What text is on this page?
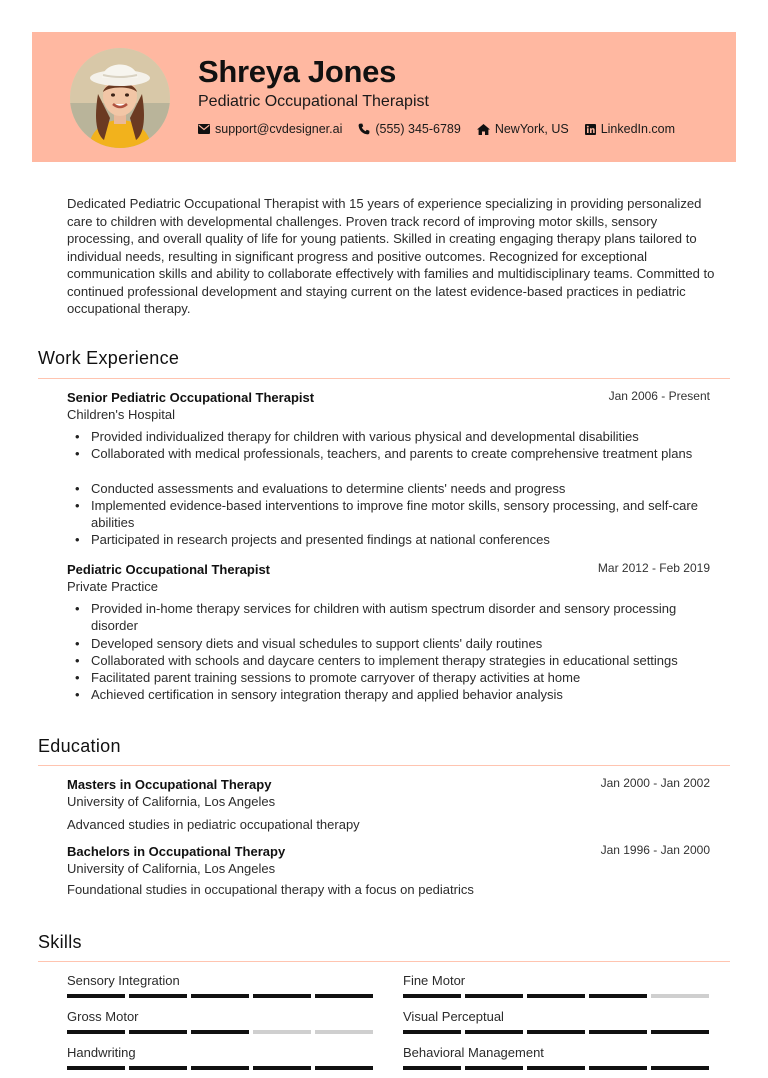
Shreya Jones
Pediatric Occupational Therapist
support@cvdesigner.ai	(555) 345-6789	NewYork, US	LinkedIn.com
Dedicated Pediatric Occupational Therapist with 15 years of experience specializing in providing personalized care to children with developmental challenges. Proven track record of improving motor skills, sensory processing, and overall quality of life for young patients. Skilled in creating engaging therapy plans tailored to individual needs, resulting in significant progress and positive outcomes. Recognized for exceptional communication skills and ability to collaborate effectively with families and multidisciplinary teams. Committed to continued professional development and staying current on the latest evidence-based practices in pediatric occupational therapy.
Work Experience
Senior Pediatric Occupational Therapist	Jan 2006 - Present
Children's Hospital
• Provided individualized therapy for children with various physical and developmental disabilities
• Collaborated with medical professionals, teachers, and parents to create comprehensive treatment plans
• Conducted assessments and evaluations to determine clients' needs and progress
• Implemented evidence-based interventions to improve fine motor skills, sensory processing, and self-care abilities
• Participated in research projects and presented findings at national conferences
Pediatric Occupational Therapist	Mar 2012 - Feb 2019
Private Practice
• Provided in-home therapy services for children with autism spectrum disorder and sensory processing disorder
• Developed sensory diets and visual schedules to support clients' daily routines
• Collaborated with schools and daycare centers to implement therapy strategies in educational settings
• Facilitated parent training sessions to promote carryover of therapy activities at home
• Achieved certification in sensory integration therapy and applied behavior analysis
Education
Masters in Occupational Therapy	Jan 2000 - Jan 2002
University of California, Los Angeles
Advanced studies in pediatric occupational therapy
Bachelors in Occupational Therapy	Jan 1996 - Jan 2000
University of California, Los Angeles
Foundational studies in occupational therapy with a focus on pediatrics
Skills
Sensory Integration	Fine Motor
Gross Motor	Visual Perceptual
Handwriting	Behavioral Management
